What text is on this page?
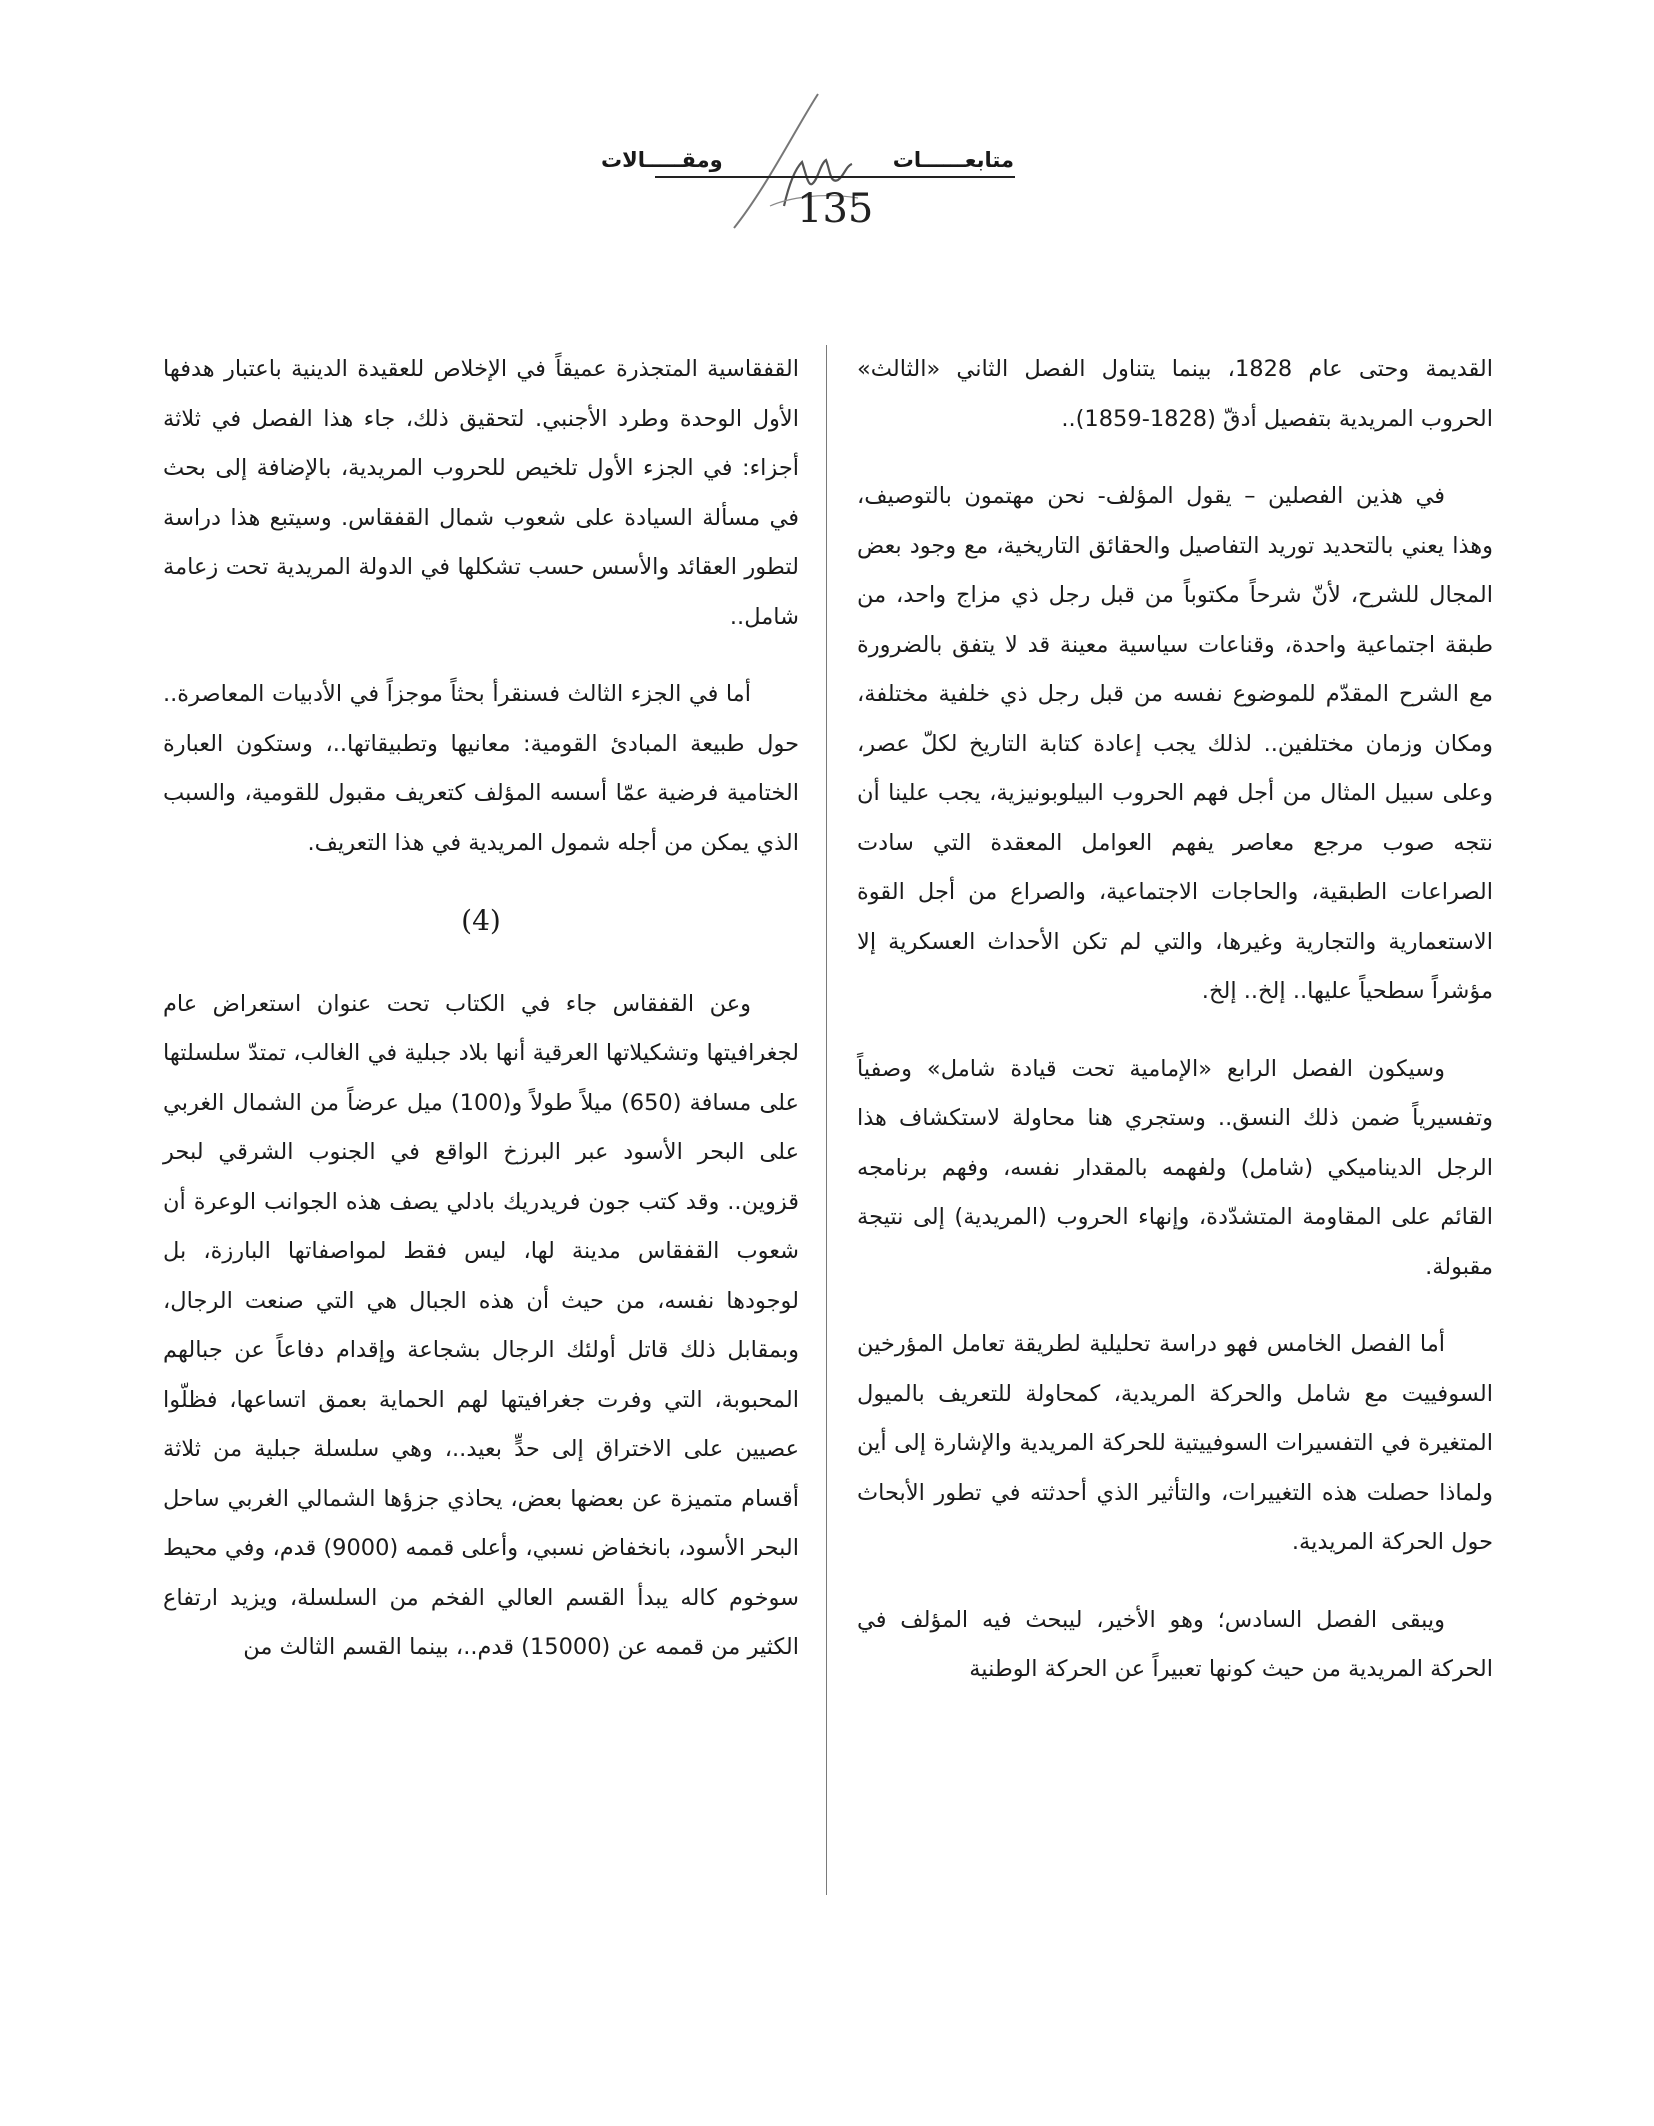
متابعــــــاتومقـــــالات
135

القديمة وحتى عام 1828، بينما يتناول الفصل الثاني «الثالث» الحروب المريدية بتفصيل أدقّ (1828-1859)..

في هذين الفصلين – يقول المؤلف- نحن مهتمون بالتوصيف، وهذا يعني بالتحديد توريد التفاصيل والحقائق التاريخية، مع وجود بعض المجال للشرح، لأنّ شرحاً مكتوباً من قبل رجل ذي مزاج واحد، من طبقة اجتماعية واحدة، وقناعات سياسية معينة قد لا يتفق بالضرورة مع الشرح المقدّم للموضوع نفسه من قبل رجل ذي خلفية مختلفة، ومكان وزمان مختلفين.. لذلك يجب إعادة كتابة التاريخ لكلّ عصر، وعلى سبيل المثال من أجل فهم الحروب البيلوبونيزية، يجب علينا أن نتجه صوب مرجع معاصر يفهم العوامل المعقدة التي سادت الصراعات الطبقية، والحاجات الاجتماعية، والصراع من أجل القوة الاستعمارية والتجارية وغيرها، والتي لم تكن الأحداث العسكرية إلا مؤشراً سطحياً عليها.. إلخ.. إلخ.

وسيكون الفصل الرابع «الإمامية تحت قيادة شامل» وصفياً وتفسيرياً ضمن ذلك النسق.. وستجري هنا محاولة لاستكشاف هذا الرجل الديناميكي (شامل) ولفهمه بالمقدار نفسه، وفهم برنامجه القائم على المقاومة المتشدّدة، وإنهاء الحروب (المريدية) إلى نتيجة مقبولة.

أما الفصل الخامس فهو دراسة تحليلية لطريقة تعامل المؤرخين السوفييت مع شامل والحركة المريدية، كمحاولة للتعريف بالميول المتغيرة في التفسيرات السوفييتية للحركة المريدية والإشارة إلى أين ولماذا حصلت هذه التغييرات، والتأثير الذي أحدثته في تطور الأبحاث حول الحركة المريدية.

ويبقى الفصل السادس؛ وهو الأخير، ليبحث فيه المؤلف في الحركة المريدية من حيث كونها تعبيراً عن الحركة الوطنية

القفقاسية المتجذرة عميقاً في الإخلاص للعقيدة الدينية باعتبار هدفها الأول الوحدة وطرد الأجنبي. لتحقيق ذلك، جاء هذا الفصل في ثلاثة أجزاء: في الجزء الأول تلخيص للحروب المريدية، بالإضافة إلى بحث في مسألة السيادة على شعوب شمال القفقاس. وسيتبع هذا دراسة لتطور العقائد والأسس حسب تشكلها في الدولة المريدية تحت زعامة شامل..

أما في الجزء الثالث فسنقرأ بحثاً موجزاً في الأدبيات المعاصرة.. حول طبيعة المبادئ القومية: معانيها وتطبيقاتها..، وستكون العبارة الختامية فرضية عمّا أسسه المؤلف كتعريف مقبول للقومية، والسبب الذي يمكن من أجله شمول المريدية في هذا التعريف.

(4)

وعن القفقاس جاء في الكتاب تحت عنوان استعراض عام لجغرافيتها وتشكيلاتها العرقية أنها بلاد جبلية في الغالب، تمتدّ سلسلتها على مسافة (650) ميلاً طولاً و(100) ميل عرضاً من الشمال الغربي على البحر الأسود عبر البرزخ الواقع في الجنوب الشرقي لبحر قزوين.. وقد كتب جون فريدريك بادلي يصف هذه الجوانب الوعرة أن شعوب القفقاس مدينة لها، ليس فقط لمواصفاتها البارزة، بل لوجودها نفسه، من حيث أن هذه الجبال هي التي صنعت الرجال، وبمقابل ذلك قاتل أولئك الرجال بشجاعة وإقدام دفاعاً عن جبالهم المحبوبة، التي وفرت جغرافيتها لهم الحماية بعمق اتساعها، فظلّوا عصيين على الاختراق إلى حدٍّ بعيد..، وهي سلسلة جبلية من ثلاثة أقسام متميزة عن بعضها بعض، يحاذي جزؤها الشمالي الغربي ساحل البحر الأسود، بانخفاض نسبي، وأعلى قممه (9000) قدم، وفي محيط سوخوم كاله يبدأ القسم العالي الفخم من السلسلة، ويزيد ارتفاع الكثير من قممه عن (15000) قدم..، بينما القسم الثالث من
